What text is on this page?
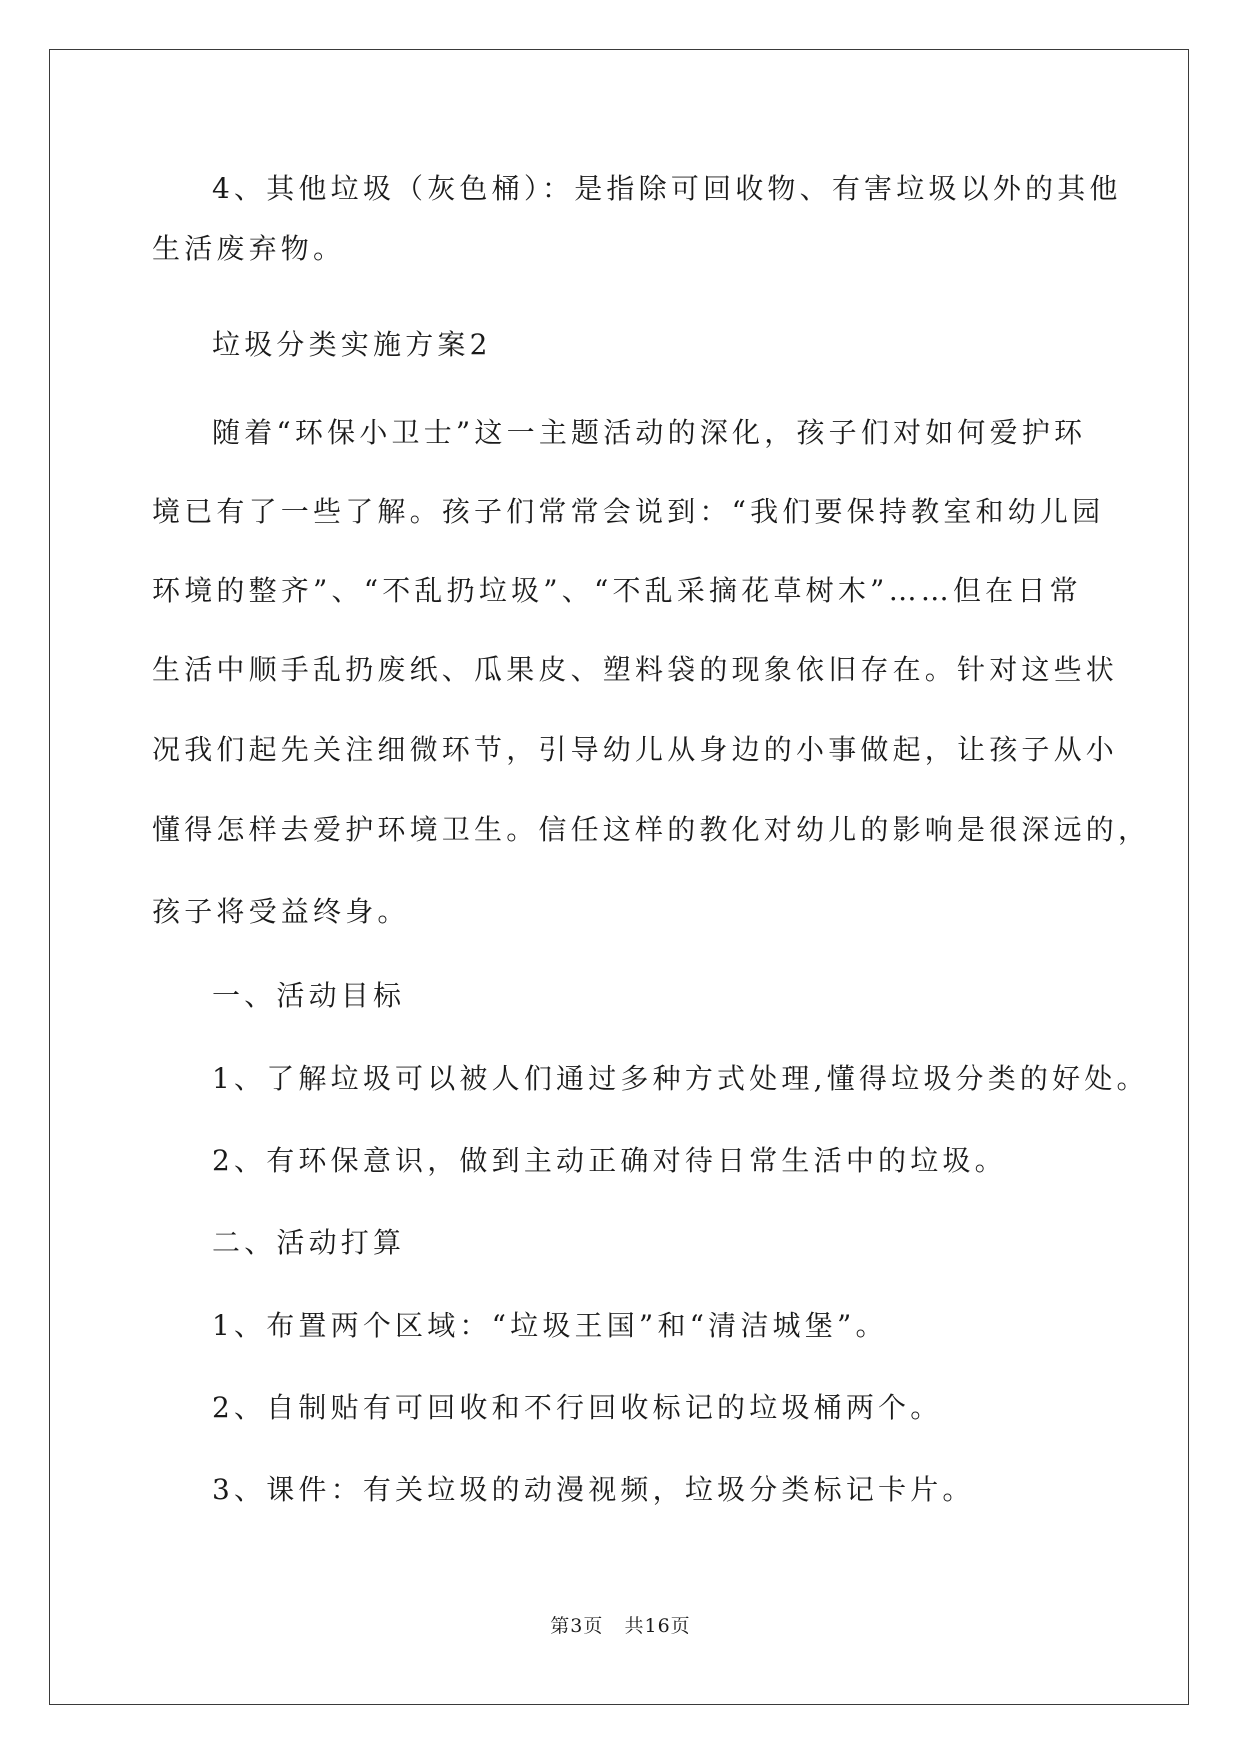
4、其他垃圾（灰色桶）：是指除可回收物、有害垃圾以外的其他
生活废弃物。
垃圾分类实施方案2
随着“环保小卫士”这一主题活动的深化，孩子们对如何爱护环
境已有了一些了解。孩子们常常会说到：“我们要保持教室和幼儿园
环境的整齐”、“不乱扔垃圾”、“不乱采摘花草树木”……但在日常
生活中顺手乱扔废纸、瓜果皮、塑料袋的现象依旧存在。针对这些状
况我们起先关注细微环节，引导幼儿从身边的小事做起，让孩子从小
懂得怎样去爱护环境卫生。信任这样的教化对幼儿的影响是很深远的，
孩子将受益终身。
一、活动目标
1、了解垃圾可以被人们通过多种方式处理,懂得垃圾分类的好处。
2、有环保意识，做到主动正确对待日常生活中的垃圾。
二、活动打算
1、布置两个区域：“垃圾王国”和“清洁城堡”。
2、自制贴有可回收和不行回收标记的垃圾桶两个。
3、课件：有关垃圾的动漫视频，垃圾分类标记卡片。
第3页   共16页
